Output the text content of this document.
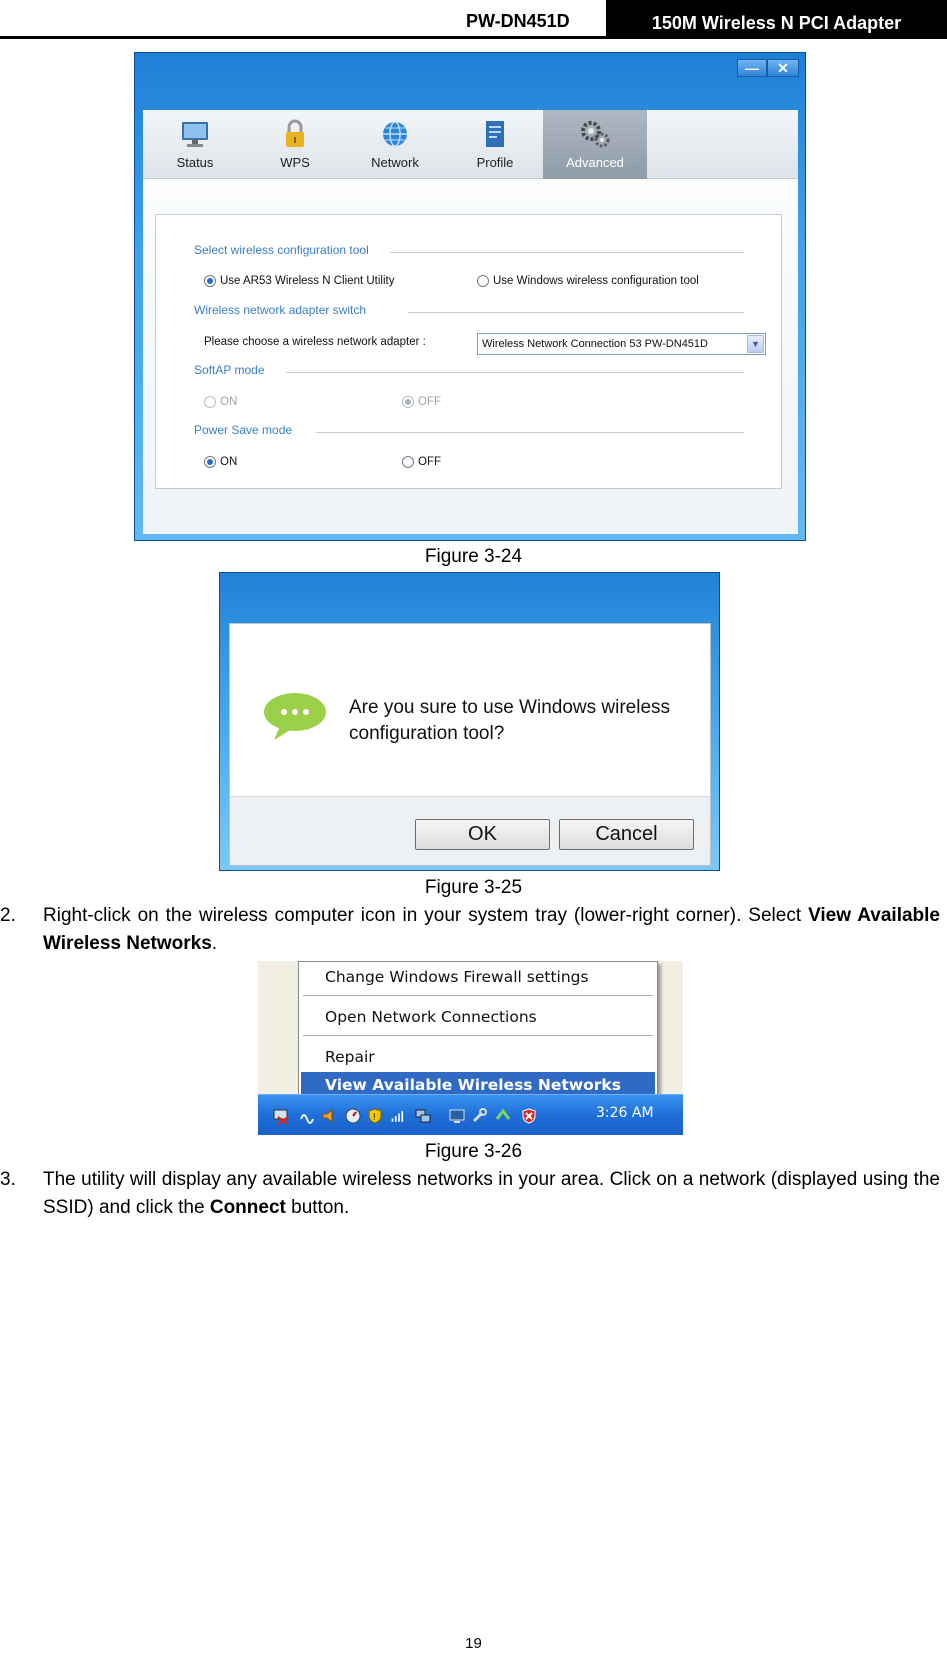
PW-DN451D	150M Wireless N PCI Adapter
—	✕
Status	WPS	Network	Profile	Advanced
Select wireless configuration tool
Use AR53 Wireless N Client Utility	Use Windows wireless configuration tool
Wireless network adapter switch
Please choose a wireless network adapter :	Wireless Network Connection 53 PW-DN451D	▼
SoftAP mode
ON	OFF
Power Save mode
ON	OFF
Figure 3-24
Are you sure to use Windows wireless configuration tool?
OK	Cancel
Figure 3-25
2. Right-click on the wireless computer icon in your system tray (lower-right corner). Select View Available Wireless Networks.
Change Windows Firewall settings
Open Network Connections
Repair
View Available Wireless Networks
!	3:26 AM
Figure 3-26
3. The utility will display any available wireless networks in your area. Click on a network (displayed using the SSID) and click the Connect button.
19
